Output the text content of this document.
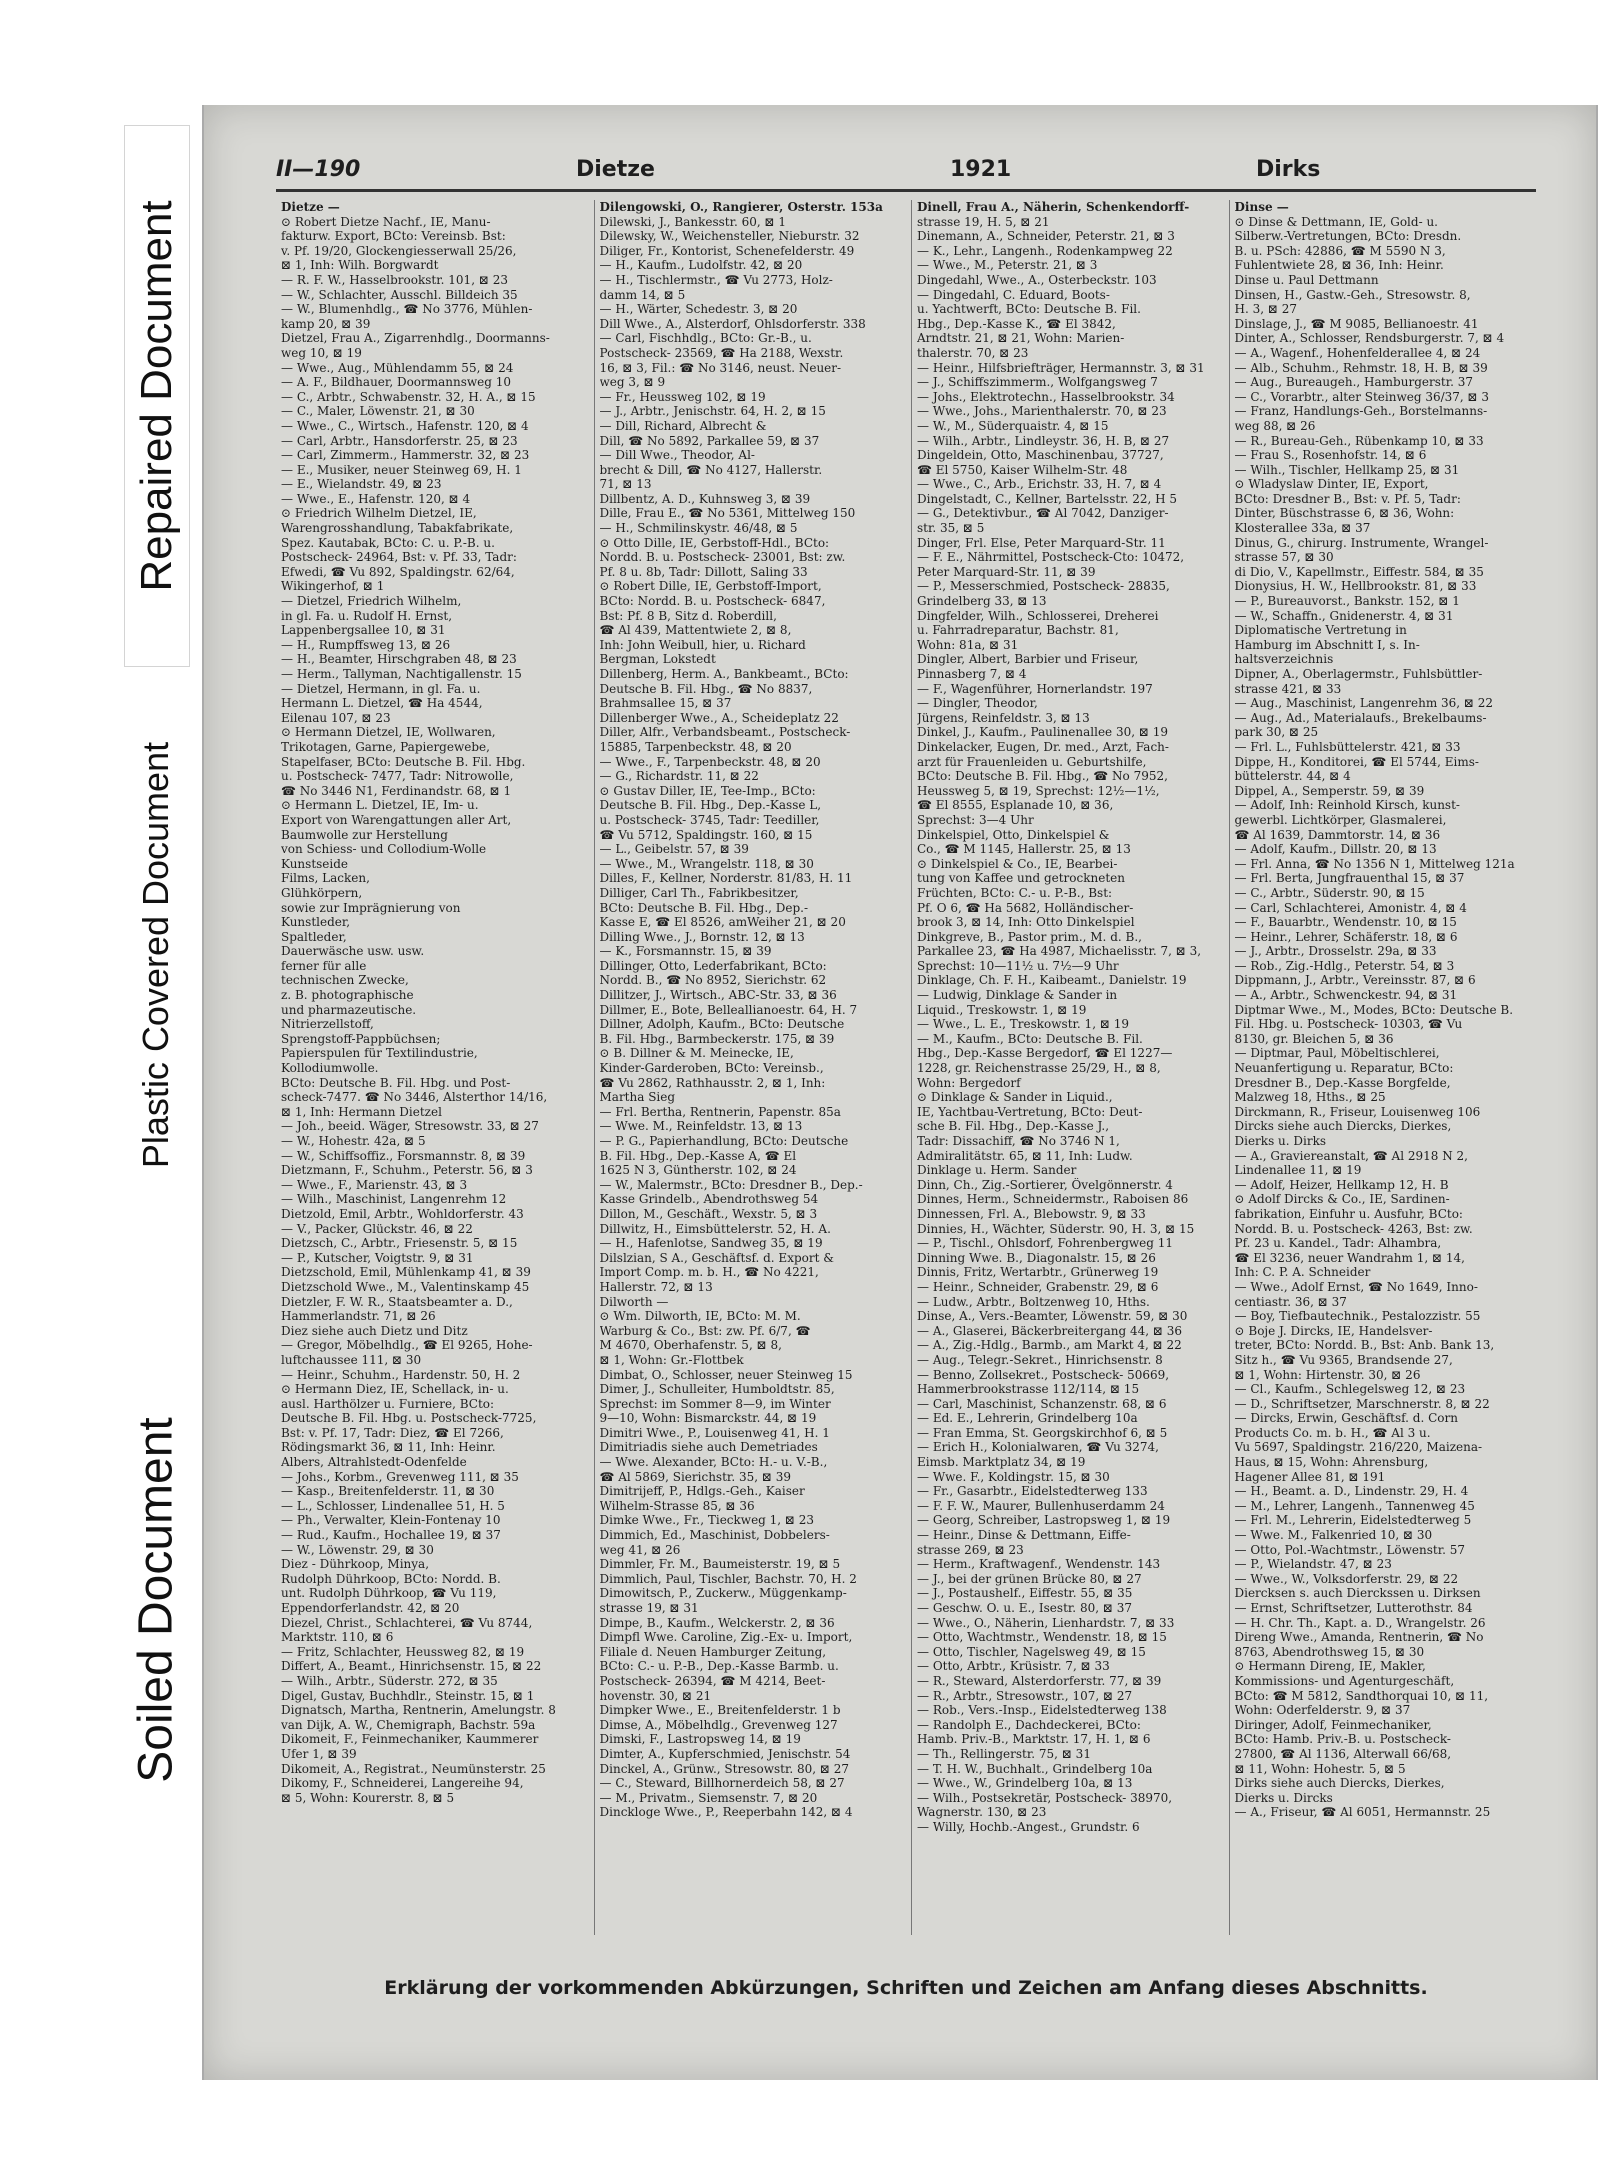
Repaired Document
Plastic Covered Document
Soiled Document
II—190	Dietze	1921	Dirks
Dietze —
⊙ Robert Dietze Nachf., IE, Manu-
fakturw. Export, BCto: Vereinsb. Bst:
v. Pf. 19/20, Glockengiesserwall 25/26,
⊠ 1, Inh: Wilh. Borgwardt
— R. F. W., Hasselbrookstr. 101, ⊠ 23
— W., Schlachter, Ausschl. Billdeich 35
— W., Blumenhdlg., ☎ No 3776, Mühlen-
kamp 20, ⊠ 39
Dietzel, Frau A., Zigarrenhdlg., Doormanns-
weg 10, ⊠ 19
— Wwe., Aug., Mühlendamm 55, ⊠ 24
— A. F., Bildhauer, Doormannsweg 10
— C., Arbtr., Schwabenstr. 32, H. A., ⊠ 15
— C., Maler, Löwenstr. 21, ⊠ 30
— Wwe., C., Wirtsch., Hafenstr. 120, ⊠ 4
— Carl, Arbtr., Hansdorferstr. 25, ⊠ 23
— Carl, Zimmerm., Hammerstr. 32, ⊠ 23
— E., Musiker, neuer Steinweg 69, H. 1
— E., Wielandstr. 49, ⊠ 23
— Wwe., E., Hafenstr. 120, ⊠ 4
⊙ Friedrich Wilhelm Dietzel, IE,
Warengrosshandlung, Tabakfabrikate,
Spez. Kautabak, BCto: C. u. P.-B. u.
Postscheck- 24964, Bst: v. Pf. 33, Tadr:
Efwedi, ☎ Vu 892, Spaldingstr. 62/64,
Wikingerhof, ⊠ 1
— Dietzel, Friedrich Wilhelm,
in gl. Fa. u. Rudolf H. Ernst,
Lappenbergsallee 10, ⊠ 31
— H., Rumpffsweg 13, ⊠ 26
— H., Beamter, Hirschgraben 48, ⊠ 23
— Herm., Tallyman, Nachtigallenstr. 15
— Dietzel, Hermann, in gl. Fa. u.
Hermann L. Dietzel, ☎ Ha 4544,
Eilenau 107, ⊠ 23
⊙ Hermann Dietzel, IE, Wollwaren,
Trikotagen, Garne, Papiergewebe,
Stapelfaser, BCto: Deutsche B. Fil. Hbg.
u. Postscheck- 7477, Tadr: Nitrowolle,
☎ No 3446 N1, Ferdinandstr. 68, ⊠ 1
⊙ Hermann L. Dietzel, IE, Im- u.
Export von Warengattungen aller Art,
Baumwolle zur Herstellung
von Schiess- und Collodium-Wolle
Kunstseide
Films, Lacken,
Glühkörpern,
sowie zur Imprägnierung von
Kunstleder,
Spaltleder,
Dauerwäsche usw. usw.
ferner für alle
technischen Zwecke,
z. B. photographische
und pharmazeutische.
Nitrierzellstoff,
Sprengstoff-Pappbüchsen;
Papierspulen für Textilindustrie,
Kollodiumwolle.
BCto: Deutsche B. Fil. Hbg. und Post-
scheck-7477. ☎ No 3446, Alsterthor 14/16,
⊠ 1, Inh: Hermann Dietzel
— Joh., beeid. Wäger, Stresowstr. 33, ⊠ 27
— W., Hohestr. 42a, ⊠ 5
— W., Schiffsoffiz., Forsmannstr. 8, ⊠ 39
Dietzmann, F., Schuhm., Peterstr. 56, ⊠ 3
— Wwe., F., Marienstr. 43, ⊠ 3
— Wilh., Maschinist, Langenrehm 12
Dietzold, Emil, Arbtr., Wohldorferstr. 43
— V., Packer, Glückstr. 46, ⊠ 22
Dietzsch, C., Arbtr., Friesenstr. 5, ⊠ 15
— P., Kutscher, Voigtstr. 9, ⊠ 31
Dietzschold, Emil, Mühlenkamp 41, ⊠ 39
Dietzschold Wwe., M., Valentinskamp 45
Dietzler, F. W. R., Staatsbeamter a. D.,
Hammerlandstr. 71, ⊠ 26
Diez siehe auch Dietz und Ditz
— Gregor, Möbelhdlg., ☎ El 9265, Hohe-
luftchaussee 111, ⊠ 30
— Heinr., Schuhm., Hardenstr. 50, H. 2
⊙ Hermann Diez, IE, Schellack, in- u.
ausl. Harthölzer u. Furniere, BCto:
Deutsche B. Fil. Hbg. u. Postscheck-7725,
Bst: v. Pf. 17, Tadr: Diez, ☎ El 7266,
Rödingsmarkt 36, ⊠ 11, Inh: Heinr.
Albers, Altrahlstedt-Odenfelde
— Johs., Korbm., Grevenweg 111, ⊠ 35
— Kasp., Breitenfelderstr. 11, ⊠ 30
— L., Schlosser, Lindenallee 51, H. 5
— Ph., Verwalter, Klein-Fontenay 10
— Rud., Kaufm., Hochallee 19, ⊠ 37
— W., Löwenstr. 29, ⊠ 30
Diez - Dührkoop, Minya,
Rudolph Dührkoop, BCto: Nordd. B.
unt. Rudolph Dührkoop, ☎ Vu 119,
Eppendorferlandstr. 42, ⊠ 20
Diezel, Christ., Schlachterei, ☎ Vu 8744,
Marktstr. 110, ⊠ 6
— Fritz, Schlachter, Heussweg 82, ⊠ 19
Differt, A., Beamt., Hinrichsenstr. 15, ⊠ 22
— Wilh., Arbtr., Süderstr. 272, ⊠ 35
Digel, Gustav, Buchhdlr., Steinstr. 15, ⊠ 1
Dignatsch, Martha, Rentnerin, Amelungstr. 8
van Dijk, A. W., Chemigraph, Bachstr. 59a
Dikomeit, F., Feinmechaniker, Kaummerer
Ufer 1, ⊠ 39
Dikomeit, A., Registrat., Neumünsterstr. 25
Dikomy, F., Schneiderei, Langereihe 94,
⊠ 5, Wohn: Kourerstr. 8, ⊠ 5
Dilengowski, O., Rangierer, Osterstr. 153a
Dilewski, J., Bankesstr. 60, ⊠ 1
Dilewsky, W., Weichensteller, Nieburstr. 32
Diliger, Fr., Kontorist, Schenefelderstr. 49
— H., Kaufm., Ludolfstr. 42, ⊠ 20
— H., Tischlermstr., ☎ Vu 2773, Holz-
damm 14, ⊠ 5
— H., Wärter, Schedestr. 3, ⊠ 20
Dill Wwe., A., Alsterdorf, Ohlsdorferstr. 338
— Carl, Fischhdlg., BCto: Gr.-B., u.
Postscheck- 23569, ☎ Ha 2188, Wexstr.
16, ⊠ 3, Fil.: ☎ No 3146, neust. Neuer-
weg 3, ⊠ 9
— Fr., Heussweg 102, ⊠ 19
— J., Arbtr., Jenischstr. 64, H. 2, ⊠ 15
— Dill, Richard, Albrecht &
Dill, ☎ No 5892, Parkallee 59, ⊠ 37
— Dill Wwe., Theodor, Al-
brecht & Dill, ☎ No 4127, Hallerstr.
71, ⊠ 13
Dillbentz, A. D., Kuhnsweg 3, ⊠ 39
Dille, Frau E., ☎ No 5361, Mittelweg 150
— H., Schmilinskystr. 46/48, ⊠ 5
⊙ Otto Dille, IE, Gerbstoff-Hdl., BCto:
Nordd. B. u. Postscheck- 23001, Bst: zw.
Pf. 8 u. 8b, Tadr: Dillott, Saling 33
⊙ Robert Dille, IE, Gerbstoff-Import,
BCto: Nordd. B. u. Postscheck- 6847,
Bst: Pf. 8 B, Sitz d. Roberdill,
☎ Al 439, Mattentwiete 2, ⊠ 8,
Inh: John Weibull, hier, u. Richard
Bergman, Lokstedt
Dillenberg, Herm. A., Bankbeamt., BCto:
Deutsche B. Fil. Hbg., ☎ No 8837,
Brahmsallee 15, ⊠ 37
Dillenberger Wwe., A., Scheideplatz 22
Diller, Alfr., Verbandsbeamt., Postscheck-
15885, Tarpenbeckstr. 48, ⊠ 20
— Wwe., F., Tarpenbeckstr. 48, ⊠ 20
— G., Richardstr. 11, ⊠ 22
⊙ Gustav Diller, IE, Tee-Imp., BCto:
Deutsche B. Fil. Hbg., Dep.-Kasse L,
u. Postscheck- 3745, Tadr: Teediller,
☎ Vu 5712, Spaldingstr. 160, ⊠ 15
— L., Geibelstr. 57, ⊠ 39
— Wwe., M., Wrangelstr. 118, ⊠ 30
Dilles, F., Kellner, Norderstr. 81/83, H. 11
Dilliger, Carl Th., Fabrikbesitzer,
BCto: Deutsche B. Fil. Hbg., Dep.-
Kasse E, ☎ El 8526, amWeiher 21, ⊠ 20
Dilling Wwe., J., Bornstr. 12, ⊠ 13
— K., Forsmannstr. 15, ⊠ 39
Dillinger, Otto, Lederfabrikant, BCto:
Nordd. B., ☎ No 8952, Sierichstr. 62
Dillitzer, J., Wirtsch., ABC-Str. 33, ⊠ 36
Dillmer, E., Bote, Belleallianoestr. 64, H. 7
Dillner, Adolph, Kaufm., BCto: Deutsche
B. Fil. Hbg., Barmbeckerstr. 175, ⊠ 39
⊙ B. Dillner & M. Meinecke, IE,
Kinder-Garderoben, BCto: Vereinsb.,
☎ Vu 2862, Rathhausstr. 2, ⊠ 1, Inh:
Martha Sieg
— Frl. Bertha, Rentnerin, Papenstr. 85a
— Wwe. M., Reinfeldstr. 13, ⊠ 13
— P. G., Papierhandlung, BCto: Deutsche
B. Fil. Hbg., Dep.-Kasse A, ☎ El
1625 N 3, Güntherstr. 102, ⊠ 24
— W., Malermstr., BCto: Dresdner B., Dep.-
Kasse Grindelb., Abendrothsweg 54
Dillon, M., Geschäft., Wexstr. 5, ⊠ 3
Dillwitz, H., Eimsbüttelerstr. 52, H. A.
— H., Hafenlotse, Sandweg 35, ⊠ 19
Dilslzian, S A., Geschäftsf. d. Export &
Import Comp. m. b. H., ☎ No 4221,
Hallerstr. 72, ⊠ 13
Dilworth —
⊙ Wm. Dilworth, IE, BCto: M. M.
Warburg & Co., Bst: zw. Pf. 6/7, ☎
M 4670, Oberhafenstr. 5, ⊠ 8,
⊠ 1, Wohn: Gr.-Flottbek
Dimbat, O., Schlosser, neuer Steinweg 15
Dimer, J., Schulleiter, Humboldtstr. 85,
Sprechst: im Sommer 8—9, im Winter
9—10, Wohn: Bismarckstr. 44, ⊠ 19
Dimitri Wwe., P., Louisenweg 41, H. 1
Dimitriadis siehe auch Demetriades
— Wwe. Alexander, BCto: H.- u. V.-B.,
☎ Al 5869, Sierichstr. 35, ⊠ 39
Dimitrijeff, P., Hdlgs.-Geh., Kaiser
Wilhelm-Strasse 85, ⊠ 36
Dimke Wwe., Fr., Tieckweg 1, ⊠ 23
Dimmich, Ed., Maschinist, Dobbelers-
weg 41, ⊠ 26
Dimmler, Fr. M., Baumeisterstr. 19, ⊠ 5
Dimmlich, Paul, Tischler, Bachstr. 70, H. 2
Dimowitsch, P., Zuckerw., Müggenkamp-
strasse 19, ⊠ 31
Dimpe, B., Kaufm., Welckerstr. 2, ⊠ 36
Dimpfl Wwe. Caroline, Zig.-Ex- u. Import,
Filiale d. Neuen Hamburger Zeitung,
BCto: C.- u. P.-B., Dep.-Kasse Barmb. u.
Postscheck- 26394, ☎ M 4214, Beet-
hovenstr. 30, ⊠ 21
Dimpker Wwe., E., Breitenfelderstr. 1 b
Dimse, A., Möbelhdlg., Grevenweg 127
Dimski, F., Lastropsweg 14, ⊠ 19
Dimter, A., Kupferschmied, Jenischstr. 54
Dinckel, A., Grünw., Stresowstr. 80, ⊠ 27
— C., Steward, Billhornerdeich 58, ⊠ 27
— M., Privatm., Siemsenstr. 7, ⊠ 20
Dinckloge Wwe., P., Reeperbahn 142, ⊠ 4
Dinell, Frau A., Näherin, Schenkendorff-
strasse 19, H. 5, ⊠ 21
Dinemann, A., Schneider, Peterstr. 21, ⊠ 3
— K., Lehr., Langenh., Rodenkampweg 22
— Wwe., M., Peterstr. 21, ⊠ 3
Dingedahl, Wwe., A., Osterbeckstr. 103
— Dingedahl, C. Eduard, Boots-
u. Yachtwerft, BCto: Deutsche B. Fil.
Hbg., Dep.-Kasse K., ☎ El 3842,
Arndtstr. 21, ⊠ 21, Wohn: Marien-
thalerstr. 70, ⊠ 23
— Heinr., Hilfsbriefträger, Hermannstr. 3, ⊠ 31
— J., Schiffszimmerm., Wolfgangsweg 7
— Johs., Elektrotechn., Hasselbrookstr. 34
— Wwe., Johs., Marienthalerstr. 70, ⊠ 23
— W., M., Süderquaistr. 4, ⊠ 15
— Wilh., Arbtr., Lindleystr. 36, H. B, ⊠ 27
Dingeldein, Otto, Maschinenbau, 37727,
☎ El 5750, Kaiser Wilhelm-Str. 48
— Wwe., C., Arb., Erichstr. 33, H. 7, ⊠ 4
Dingelstadt, C., Kellner, Bartelsstr. 22, H 5
— G., Detektivbur., ☎ Al 7042, Danziger-
str. 35, ⊠ 5
Dinger, Frl. Else, Peter Marquard-Str. 11
— F. E., Nährmittel, Postscheck-Cto: 10472,
Peter Marquard-Str. 11, ⊠ 39
— P., Messerschmied, Postscheck- 28835,
Grindelberg 33, ⊠ 13
Dingfelder, Wilh., Schlosserei, Dreherei
u. Fahrradreparatur, Bachstr. 81,
Wohn: 81a, ⊠ 31
Dingler, Albert, Barbier und Friseur,
Pinnasberg 7, ⊠ 4
— F., Wagenführer, Hornerlandstr. 197
— Dingler, Theodor,
Jürgens, Reinfeldstr. 3, ⊠ 13
Dinkel, J., Kaufm., Paulinenallee 30, ⊠ 19
Dinkelacker, Eugen, Dr. med., Arzt, Fach-
arzt für Frauenleiden u. Geburtshilfe,
BCto: Deutsche B. Fil. Hbg., ☎ No 7952,
Heussweg 5, ⊠ 19, Sprechst: 12½—1½,
☎ El 8555, Esplanade 10, ⊠ 36,
Sprechst: 3—4 Uhr
Dinkelspiel, Otto, Dinkelspiel &
Co., ☎ M 1145, Hallerstr. 25, ⊠ 13
⊙ Dinkelspiel & Co., IE, Bearbei-
tung von Kaffee und getrockneten
Früchten, BCto: C.- u. P.-B., Bst:
Pf. O 6, ☎ Ha 5682, Holländischer-
brook 3, ⊠ 14, Inh: Otto Dinkelspiel
Dinkgreve, B., Pastor prim., M. d. B.,
Parkallee 23, ☎ Ha 4987, Michaelisstr. 7, ⊠ 3,
Sprechst: 10—11½ u. 7½—9 Uhr
Dinklage, Ch. F. H., Kaibeamt., Danielstr. 19
— Ludwig, Dinklage & Sander in
Liquid., Treskowstr. 1, ⊠ 19
— Wwe., L. E., Treskowstr. 1, ⊠ 19
— M., Kaufm., BCto: Deutsche B. Fil.
Hbg., Dep.-Kasse Bergedorf, ☎ El 1227—
1228, gr. Reichenstrasse 25/29, H., ⊠ 8,
Wohn: Bergedorf
⊙ Dinklage & Sander in Liquid.,
IE, Yachtbau-Vertretung, BCto: Deut-
sche B. Fil. Hbg., Dep.-Kasse J.,
Tadr: Dissachiff, ☎ No 3746 N 1,
Admiralitätstr. 65, ⊠ 11, Inh: Ludw.
Dinklage u. Herm. Sander
Dinn, Ch., Zig.-Sortierer, Övelgönnerstr. 4
Dinnes, Herm., Schneidermstr., Raboisen 86
Dinnessen, Frl. A., Blebowstr. 9, ⊠ 33
Dinnies, H., Wächter, Süderstr. 90, H. 3, ⊠ 15
— P., Tischl., Ohlsdorf, Fohrenbergweg 11
Dinning Wwe. B., Diagonalstr. 15, ⊠ 26
Dinnis, Fritz, Wertarbtr., Grünerweg 19
— Heinr., Schneider, Grabenstr. 29, ⊠ 6
— Ludw., Arbtr., Boltzenweg 10, Hths.
Dinse, A., Vers.-Beamter, Löwenstr. 59, ⊠ 30
— A., Glaserei, Bäckerbreitergang 44, ⊠ 36
— A., Zig.-Hdlg., Barmb., am Markt 4, ⊠ 22
— Aug., Telegr.-Sekret., Hinrichsenstr. 8
— Benno, Zollsekret., Postscheck- 50669,
Hammerbrookstrasse 112/114, ⊠ 15
— Carl, Maschinist, Schanzenstr. 68, ⊠ 6
— Ed. E., Lehrerin, Grindelberg 10a
— Fran Emma, St. Georgskirchhof 6, ⊠ 5
— Erich H., Kolonialwaren, ☎ Vu 3274,
Eimsb. Marktplatz 34, ⊠ 19
— Wwe. F., Koldingstr. 15, ⊠ 30
— Fr., Gasarbtr., Eidelstedterweg 133
— F. F. W., Maurer, Bullenhuserdamm 24
— Georg, Schreiber, Lastropsweg 1, ⊠ 19
— Heinr., Dinse & Dettmann, Eiffe-
strasse 269, ⊠ 23
— Herm., Kraftwagenf., Wendenstr. 143
— J., bei der grünen Brücke 80, ⊠ 27
— J., Postaushelf., Eiffestr. 55, ⊠ 35
— Geschw. O. u. E., Isestr. 80, ⊠ 37
— Wwe., O., Näherin, Lienhardstr. 7, ⊠ 33
— Otto, Wachtmstr., Wendenstr. 18, ⊠ 15
— Otto, Tischler, Nagelsweg 49, ⊠ 15
— Otto, Arbtr., Krüsistr. 7, ⊠ 33
— R., Steward, Alsterdorferstr. 77, ⊠ 39
— R., Arbtr., Stresowstr., 107, ⊠ 27
— Rob., Vers.-Insp., Eidelstedterweg 138
— Randolph E., Dachdeckerei, BCto:
Hamb. Priv.-B., Marktstr. 17, H. 1, ⊠ 6
— Th., Rellingerstr. 75, ⊠ 31
— T. H. W., Buchhalt., Grindelberg 10a
— Wwe., W., Grindelberg 10a, ⊠ 13
— Wilh., Postsekretär, Postscheck- 38970,
Wagnerstr. 130, ⊠ 23
— Willy, Hochb.-Angest., Grundstr. 6
Dinse —
⊙ Dinse & Dettmann, IE, Gold- u.
Silberw.-Vertretungen, BCto: Dresdn.
B. u. PSch: 42886, ☎ M 5590 N 3,
Fuhlentwiete 28, ⊠ 36, Inh: Heinr.
Dinse u. Paul Dettmann
Dinsen, H., Gastw.-Geh., Stresowstr. 8,
H. 3, ⊠ 27
Dinslage, J., ☎ M 9085, Bellianoestr. 41
Dinter, A., Schlosser, Rendsburgerstr. 7, ⊠ 4
— A., Wagenf., Hohenfelderallee 4, ⊠ 24
— Alb., Schuhm., Rehmstr. 18, H. B, ⊠ 39
— Aug., Bureaugeh., Hamburgerstr. 37
— C., Vorarbtr., alter Steinweg 36/37, ⊠ 3
— Franz, Handlungs-Geh., Borstelmanns-
weg 88, ⊠ 26
— R., Bureau-Geh., Rübenkamp 10, ⊠ 33
— Frau S., Rosenhofstr. 14, ⊠ 6
— Wilh., Tischler, Hellkamp 25, ⊠ 31
⊙ Wladyslaw Dinter, IE, Export,
BCto: Dresdner B., Bst: v. Pf. 5, Tadr:
Dinter, Büschstrasse 6, ⊠ 36, Wohn:
Klosterallee 33a, ⊠ 37
Dinus, G., chirurg. Instrumente, Wrangel-
strasse 57, ⊠ 30
di Dio, V., Kapellmstr., Eiffestr. 584, ⊠ 35
Dionysius, H. W., Hellbrookstr. 81, ⊠ 33
— P., Bureauvorst., Bankstr. 152, ⊠ 1
— W., Schaffn., Gnidenerstr. 4, ⊠ 31
Diplomatische Vertretung in
Hamburg im Abschnitt I, s. In-
haltsverzeichnis
Dipner, A., Oberlagermstr., Fuhlsbüttler-
strasse 421, ⊠ 33
— Aug., Maschinist, Langenrehm 36, ⊠ 22
— Aug., Ad., Materialaufs., Brekelbaums-
park 30, ⊠ 25
— Frl. L., Fuhlsbüttelerstr. 421, ⊠ 33
Dippe, H., Konditorei, ☎ El 5744, Eims-
büttelerstr. 44, ⊠ 4
Dippel, A., Semperstr. 59, ⊠ 39
— Adolf, Inh: Reinhold Kirsch, kunst-
gewerbl. Lichtkörper, Glasmalerei,
☎ Al 1639, Dammtorstr. 14, ⊠ 36
— Adolf, Kaufm., Dillstr. 20, ⊠ 13
— Frl. Anna, ☎ No 1356 N 1, Mittelweg 121a
— Frl. Berta, Jungfrauenthal 15, ⊠ 37
— C., Arbtr., Süderstr. 90, ⊠ 15
— Carl, Schlachterei, Amonistr. 4, ⊠ 4
— F., Bauarbtr., Wendenstr. 10, ⊠ 15
— Heinr., Lehrer, Schäferstr. 18, ⊠ 6
— J., Arbtr., Drosselstr. 29a, ⊠ 33
— Rob., Zig.-Hdlg., Peterstr. 54, ⊠ 3
Dippmann, J., Arbtr., Vereinsstr. 87, ⊠ 6
— A., Arbtr., Schwenckestr. 94, ⊠ 31
Diptmar Wwe., M., Modes, BCto: Deutsche B.
Fil. Hbg. u. Postscheck- 10303, ☎ Vu
8130, gr. Bleichen 5, ⊠ 36
— Diptmar, Paul, Möbeltischlerei,
Neuanfertigung u. Reparatur, BCto:
Dresdner B., Dep.-Kasse Borgfelde,
Malzweg 18, Hths., ⊠ 25
Dirckmann, R., Friseur, Louisenweg 106
Dircks siehe auch Diercks, Dierkes,
Dierks u. Dirks
— A., Graviereanstalt, ☎ Al 2918 N 2,
Lindenallee 11, ⊠ 19
— Adolf, Heizer, Hellkamp 12, H. B
⊙ Adolf Dircks & Co., IE, Sardinen-
fabrikation, Einfuhr u. Ausfuhr, BCto:
Nordd. B. u. Postscheck- 4263, Bst: zw.
Pf. 23 u. Kandel., Tadr: Alhambra,
☎ El 3236, neuer Wandrahm 1, ⊠ 14,
Inh: C. P. A. Schneider
— Wwe., Adolf Ernst, ☎ No 1649, Inno-
centiastr. 36, ⊠ 37
— Boy, Tiefbautechnik., Pestalozzistr. 55
⊙ Boje J. Dircks, IE, Handelsver-
treter, BCto: Nordd. B., Bst: Anb. Bank 13,
Sitz h., ☎ Vu 9365, Brandsende 27,
⊠ 1, Wohn: Hirtenstr. 30, ⊠ 26
— Cl., Kaufm., Schlegelsweg 12, ⊠ 23
— D., Schriftsetzer, Marschnerstr. 8, ⊠ 22
— Dircks, Erwin, Geschäftsf. d. Corn
Products Co. m. b. H., ☎ Al 3 u.
Vu 5697, Spaldingstr. 216/220, Maizena-
Haus, ⊠ 15, Wohn: Ahrensburg,
Hagener Allee 81, ⊠ 191
— H., Beamt. a. D., Lindenstr. 29, H. 4
— M., Lehrer, Langenh., Tannenweg 45
— Frl. M., Lehrerin, Eidelstedterweg 5
— Wwe. M., Falkenried 10, ⊠ 30
— Otto, Pol.-Wachtmstr., Löwenstr. 57
— P., Wielandstr. 47, ⊠ 23
— Wwe., W., Volksdorferstr. 29, ⊠ 22
Diercksen s. auch Dierckssen u. Dirksen
— Ernst, Schriftsetzer, Lutterothstr. 84
— H. Chr. Th., Kapt. a. D., Wrangelstr. 26
Direng Wwe., Amanda, Rentnerin, ☎ No
8763, Abendrothsweg 15, ⊠ 30
⊙ Hermann Direng, IE, Makler,
Kommissions- und Agenturgeschäft,
BCto: ☎ M 5812, Sandthorquai 10, ⊠ 11,
Wohn: Oderfelderstr. 9, ⊠ 37
Diringer, Adolf, Feinmechaniker,
BCto: Hamb. Priv.-B. u. Postscheck-
27800, ☎ Al 1136, Alterwall 66/68,
⊠ 11, Wohn: Hohestr. 5, ⊠ 5
Dirks siehe auch Diercks, Dierkes,
Dierks u. Dircks
— A., Friseur, ☎ Al 6051, Hermannstr. 25
Erklärung der vorkommenden Abkürzungen, Schriften und Zeichen am Anfang dieses Abschnitts.
